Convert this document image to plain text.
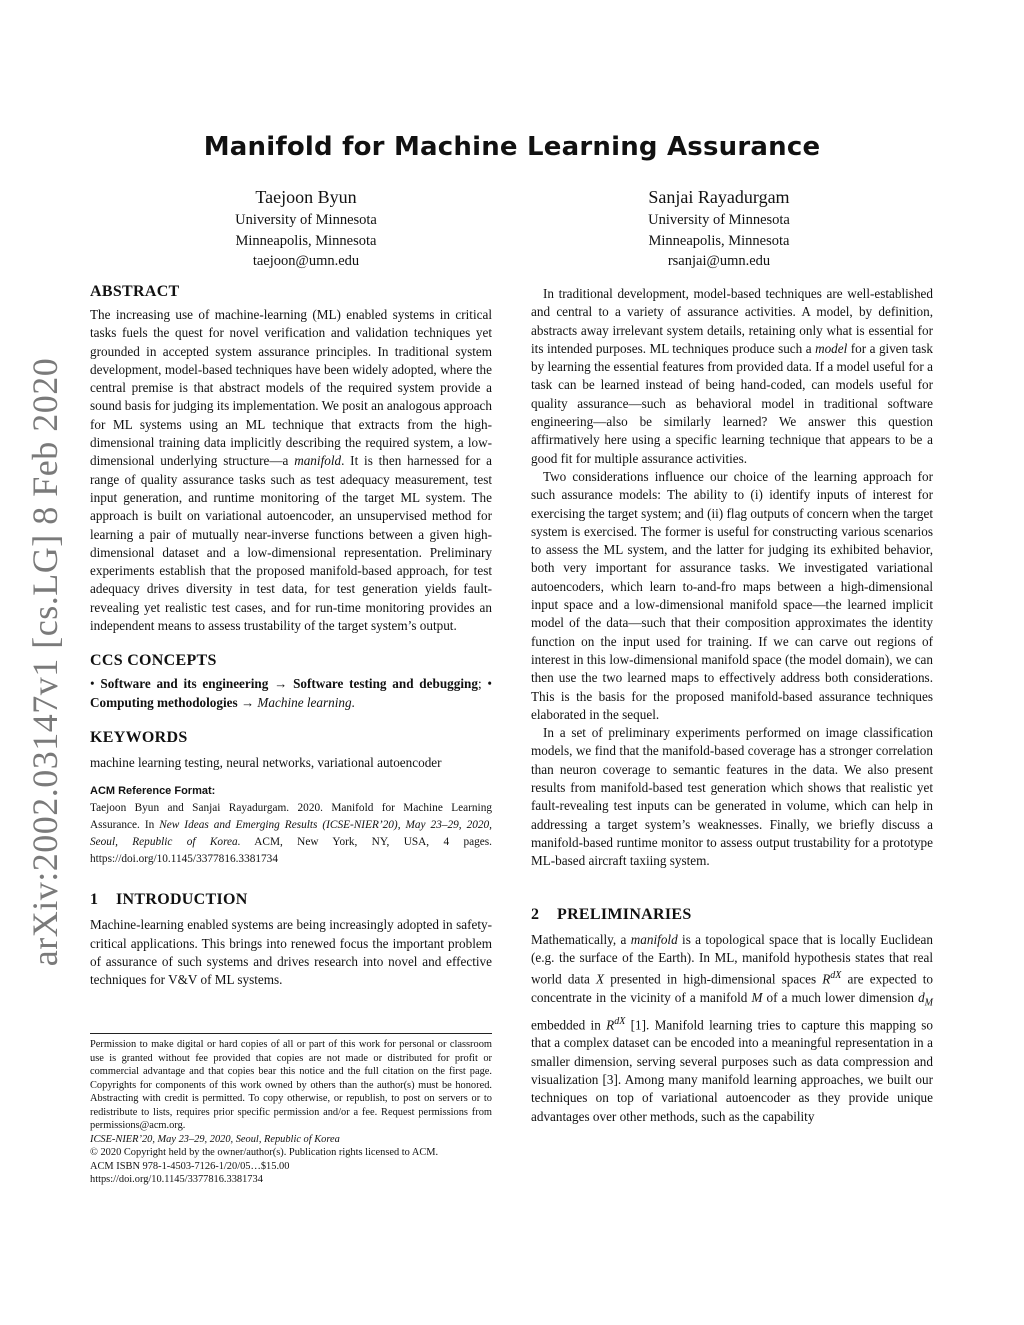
arXiv:2002.03147v1 [cs.LG] 8 Feb 2020
Manifold for Machine Learning Assurance
Taejoon Byun
University of Minnesota
Minneapolis, Minnesota
taejoon@umn.edu
Sanjai Rayadurgam
University of Minnesota
Minneapolis, Minnesota
rsanjai@umn.edu
ABSTRACT

The increasing use of machine-learning (ML) enabled systems in critical tasks fuels the quest for novel verification and validation techniques yet grounded in accepted system assurance principles. In traditional system development, model-based techniques have been widely adopted, where the central premise is that abstract models of the required system provide a sound basis for judging its implementation. We posit an analogous approach for ML systems using an ML technique that extracts from the high-dimensional training data implicitly describing the required system, a low-dimensional underlying structure—a manifold. It is then harnessed for a range of quality assurance tasks such as test adequacy measurement, test input generation, and runtime monitoring of the target ML system. The approach is built on variational autoencoder, an unsupervised method for learning a pair of mutually near-inverse functions between a given high-dimensional dataset and a low-dimensional representation. Preliminary experiments establish that the proposed manifold-based approach, for test adequacy drives diversity in test data, for test generation yields fault-revealing yet realistic test cases, and for run-time monitoring provides an independent means to assess trustability of the target system’s output.

CCS CONCEPTS

• Software and its engineering → Software testing and debugging; • Computing methodologies → Machine learning.

KEYWORDS

machine learning testing, neural networks, variational autoencoder

ACM Reference Format:

Taejoon Byun and Sanjai Rayadurgam. 2020. Manifold for Machine Learning Assurance. In New Ideas and Emerging Results (ICSE-NIER’20), May 23–29, 2020, Seoul, Republic of Korea. ACM, New York, NY, USA, 4 pages. https://doi.org/10.1145/3377816.3381734

1 INTRODUCTION

Machine-learning enabled systems are being increasingly adopted in safety-critical applications. This brings into renewed focus the important problem of assurance of such systems and drives research into novel and effective techniques for V&V of ML systems.

Permission to make digital or hard copies of all or part of this work for personal or classroom use is granted without fee provided that copies are not made or distributed for profit or commercial advantage and that copies bear this notice and the full citation on the first page. Copyrights for components of this work owned by others than the author(s) must be honored. Abstracting with credit is permitted. To copy otherwise, or republish, to post on servers or to redistribute to lists, requires prior specific permission and/or a fee. Request permissions from permissions@acm.org.

ICSE-NIER’20, May 23–29, 2020, Seoul, Republic of Korea

© 2020 Copyright held by the owner/author(s). Publication rights licensed to ACM.

ACM ISBN 978-1-4503-7126-1/20/05…$15.00

https://doi.org/10.1145/3377816.3381734

In traditional development, model-based techniques are well-established and central to a variety of assurance activities. A model, by definition, abstracts away irrelevant system details, retaining only what is essential for its intended purposes. ML techniques produce such a model for a given task by learning the essential features from provided data. If a model useful for a task can be learned instead of being hand-coded, can models useful for quality assurance—such as behavioral model in traditional software engineering—also be similarly learned? We answer this question affirmatively here using a specific learning technique that appears to be a good fit for multiple assurance activities.

Two considerations influence our choice of the learning approach for such assurance models: The ability to (i) identify inputs of interest for exercising the target system; and (ii) flag outputs of concern when the target system is exercised. The former is useful for constructing various scenarios to assess the ML system, and the latter for judging its exhibited behavior, both very important for assurance tasks. We investigated variational autoencoders, which learn to-and-fro maps between a high-dimensional input space and a low-dimensional manifold space—the learned implicit model of the data—such that their composition approximates the identity function on the input used for training. If we can carve out regions of interest in this low-dimensional manifold space (the model domain), we can then use the two learned maps to effectively address both considerations. This is the basis for the proposed manifold-based assurance techniques elaborated in the sequel.

In a set of preliminary experiments performed on image classification models, we find that the manifold-based coverage has a stronger correlation than neuron coverage to semantic features in the data. We also present results from manifold-based test generation which shows that realistic yet fault-revealing test inputs can be generated in volume, which can help in addressing a target system’s weaknesses. Finally, we briefly discuss a manifold-based runtime monitor to assess output trustability for a prototype ML-based aircraft taxiing system.

2 PRELIMINARIES

Mathematically, a manifold is a topological space that is locally Euclidean (e.g. the surface of the Earth). In ML, manifold hypothesis states that real world data X presented in high-dimensional spaces $R^{dX}$ are expected to concentrate in the vicinity of a manifold M of a much lower dimension $d_M$ embedded in $R^{dX}$ [1]. Manifold learning tries to capture this mapping so that a complex dataset can be encoded into a meaningful representation in a smaller dimension, serving several purposes such as data compression and visualization [3]. Among many manifold learning approaches, we built our techniques on top of variational autoencoder as they provide unique advantages over other methods, such as the capability
